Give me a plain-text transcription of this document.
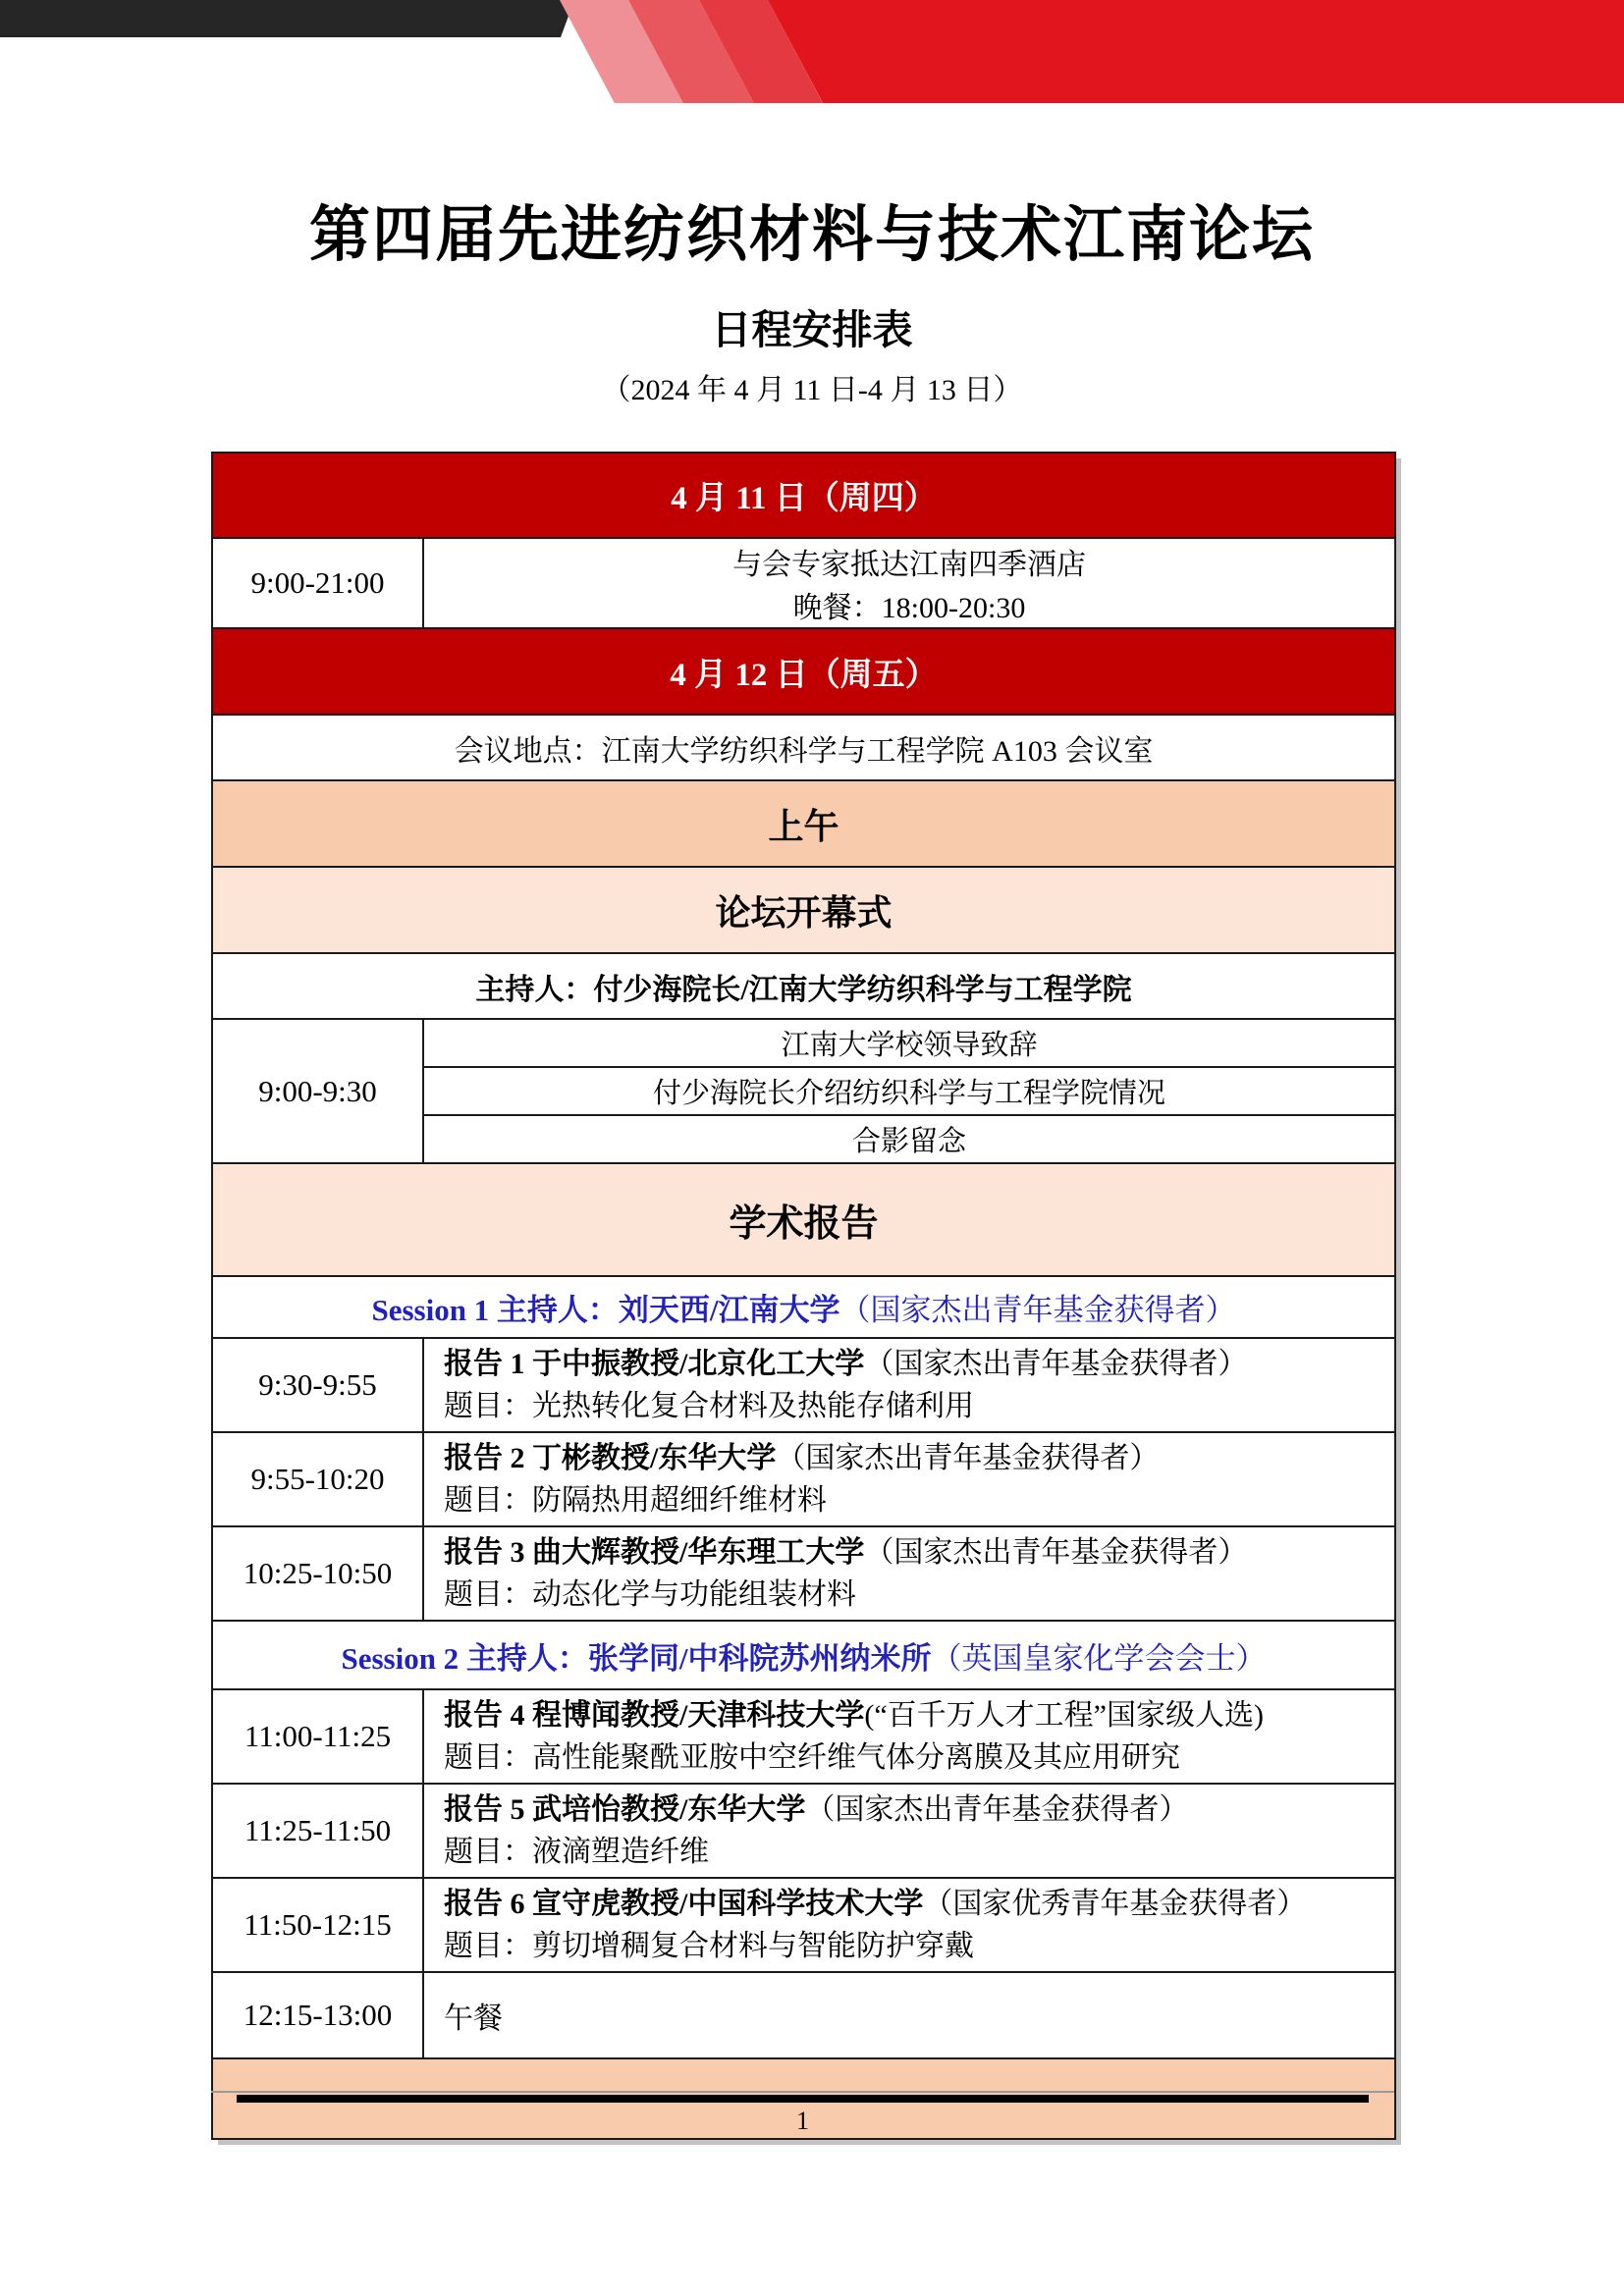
第四届先进纺织材料与技术江南论坛
日程安排表
（2024 年 4 月 11 日-4 月 13 日）
4 月 11 日（周四）	
9:00-21:00	与会专家抵达江南四季酒店
晚餐：18:00-20:30

4 月 12 日（周五）	
会议地点：江南大学纺织科学与工程学院 A103 会议室	
上午	
论坛开幕式	
主持人：付少海院长/江南大学纺织科学与工程学院	
9:00-9:30	江南大学校领导致辞
	付少海院长介绍纺织科学与工程学院情况
	合影留念
学术报告	
Session 1 主持人：刘天西/江南大学（国家杰出青年基金获得者）	
9:30-9:55	报告 1 于中振教授/北京化工大学（国家杰出青年基金获得者）
题目：光热转化复合材料及热能存储利用

9:55-10:20	报告 2 丁彬教授/东华大学（国家杰出青年基金获得者）
题目：防隔热用超细纤维材料

10:25-10:50	报告 3 曲大辉教授/华东理工大学（国家杰出青年基金获得者）
题目：动态化学与功能组装材料

Session 2 主持人：张学同/中科院苏州纳米所（英国皇家化学会会士）	
11:00-11:25	报告 4 程博闻教授/天津科技大学(“百千万人才工程”国家级人选)
题目：高性能聚酰亚胺中空纤维气体分离膜及其应用研究

11:25-11:50	报告 5 武培怡教授/东华大学（国家杰出青年基金获得者）
题目：液滴塑造纤维

11:50-12:15	报告 6 宣守虎教授/中国科学技术大学（国家优秀青年基金获得者）
题目：剪切增稠复合材料与智能防护穿戴

12:15-13:00	午餐

1
